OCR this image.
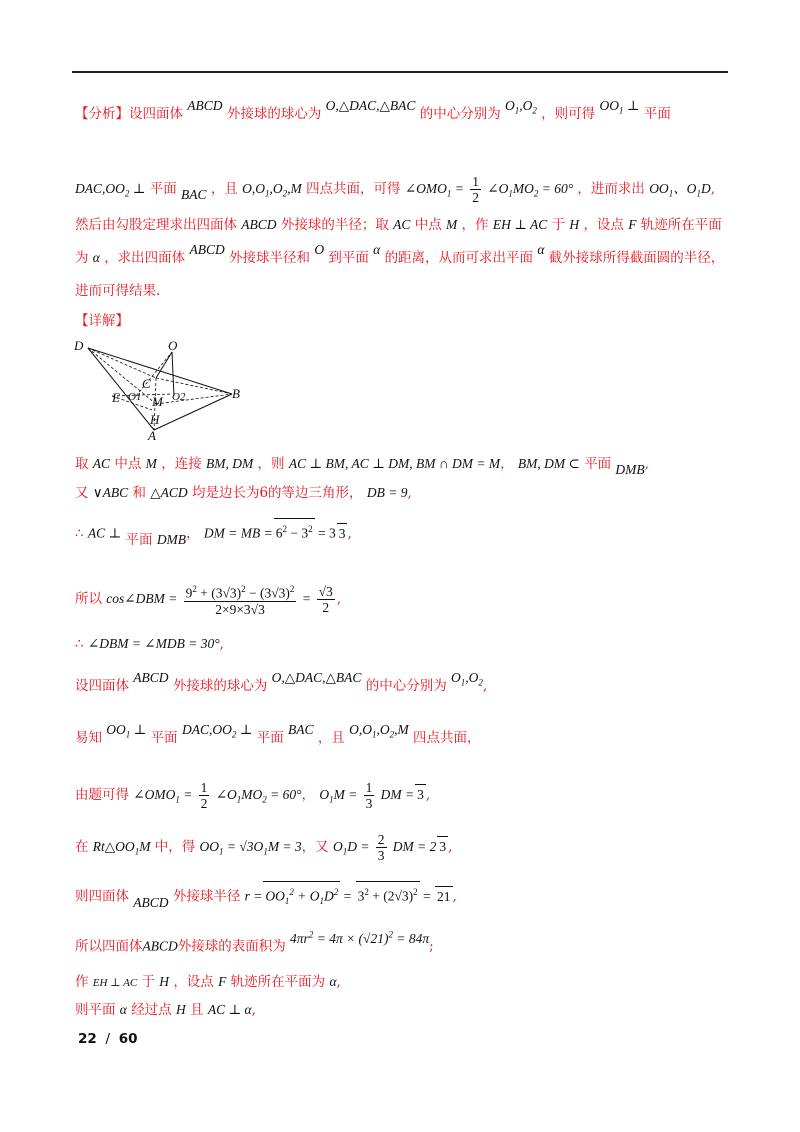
【分析】设四面体 ABCD 外接球的球心为 O,△DAC,△BAC 的中心分别为 $O_1,O_2$ ，则可得 $OO_1$ ⊥ 平面
$DAC,OO_2$ ⊥ 平面 BAC ，且 $O,O_1,O_2,M$ 四点共面，可得 $\angle OMO_1 = \frac{1}{2}$ $\angle O_1MO_2 = 60^\circ$ ，进而求出 $OO_1$、$O_1D$,
然后由勾股定理求出四面体 ABCD 外接球的半径；取 AC 中点 M ，作 EH ⊥ AC 于 H ，设点 F 轨迹所在平面
为 α ，求出四面体 ABCD 外接球半径和 O 到平面 α 的距离，从而可求出平面 α 截外接球所得截面圆的半径，
进而可得结果.
【详解】
D	O
C
E O1 M O2	B
H
A
取 AC 中点 M ，连接 BM, DM ，则 AC ⊥ BM, AC ⊥ DM, BM ∩ DM = M， BM, DM ⊂ 平面 DMB,
又 ∨ABC 和 △ACD 均是边长为6的等边三角形， DB = 9,
∴ AC ⊥ 平面 DMB， DM = MB = $6^2 - 3^2 = 3$ 3 ,
所以 cos∠DBM = $\frac{9^2 + (3√3)^2 - (3√3)^2}{2\times 9\times 3√3} = \frac{√3}{2}$ ,
∴ ∠DBM = ∠MDB = 30°,
设四面体 ABCD 外接球的球心为 O,△DAC,△BAC 的中心分别为 $O_1,O_2$,
易知 $OO_1$ ⊥ 平面 $DAC,OO_2$ ⊥ 平面 BAC ，且 $O,O_1,O_2,M$ 四点共面，
由题可得 $\angle OMO_1 = \frac{1}{2}$ $\angle O_1MO_2 = 60^\circ$， $O_1M = \frac{1}{3}$ DM = 3 ,
在 $Rt\triangle OO_1M$ 中，得 $OO_1 = √3O_1M = 3$，又 $O_1D = \frac{2}{3}$ DM = 2 3 ,
则四面体 ABCD 外接球半径 $r = OO_1^2 + O_1D^2 = 3^2 + (2√3)^2 = 21$ ,
所以四面体ABCD外接球的表面积为 $4\pi r^2 = 4\pi \times (√21)^2 = 84\pi$;
作 EH ⊥ AC 于 H ，设点 F 轨迹所在平面为 α,
则平面 α 经过点 H 且 AC ⊥ α,
22 / 60
